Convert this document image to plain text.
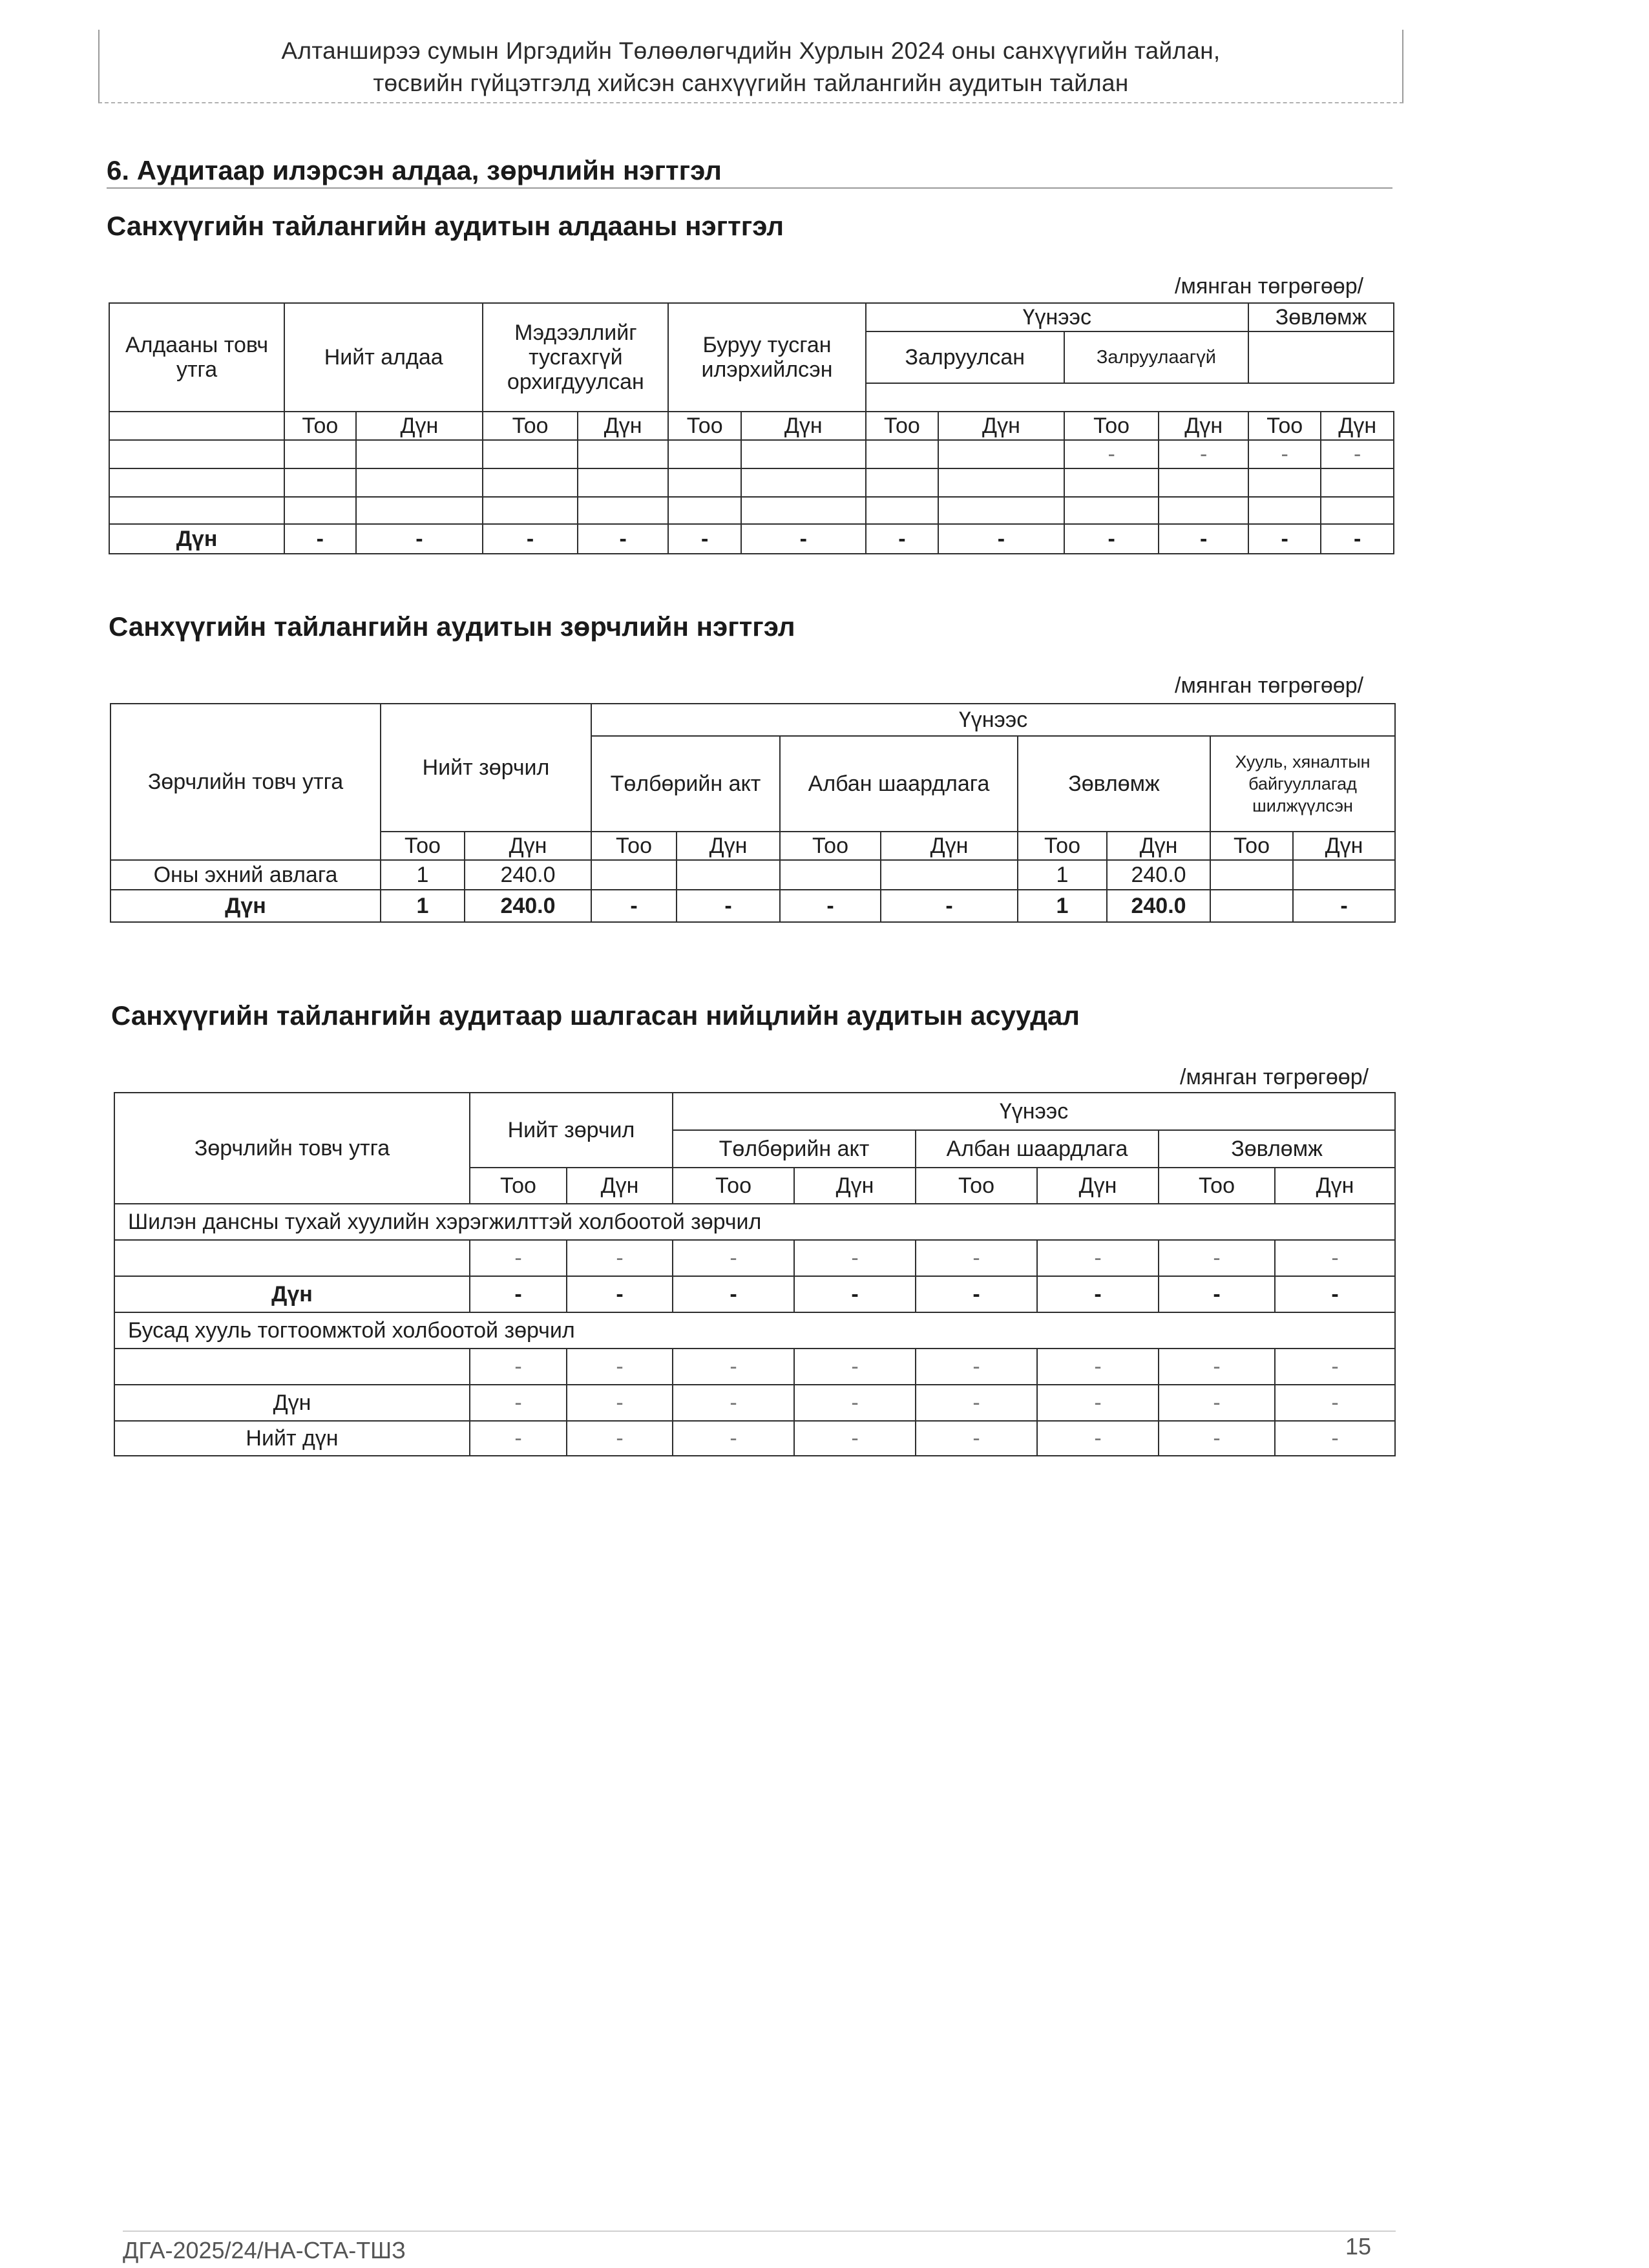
Алтанширээ сумын Иргэдийн Төлөөлөгчдийн Хурлын 2024 оны санхүүгийн тайлан,
төсвийн гүйцэтгэлд хийсэн санхүүгийн тайлангийн аудитын тайлан
6. Аудитаар илэрсэн алдаа, зөрчлийн нэгтгэл
Санхүүгийн тайлангийн аудитын алдааны нэгтгэл
/мянган төгрөгөөр/
Алдааны товч утга	Нийт алдаа		Мэдээллийг тусгахгүй орхигдуулсан		Буруу тусган илэрхийлсэн		Үүнээс				Зөвлөмж	
							Залруулсан		Залруулаагүй			

	Тоо	Дүн	Тоо	Дүн	Тоо	Дүн	Тоо	Дүн	Тоо	Дүн	Тоо	Дүн
									-	-	-	-

Дүн	-	-	-	-	-	-	-	-	-	-	-	-
Санхүүгийн тайлангийн аудитын зөрчлийн нэгтгэл
/мянган төгрөгөөр/
Зөрчлийн товч утга	Нийт зөрчил		Үүнээс							
			Төлбөрийн акт		Албан шаардлага		Зөвлөмж		Хууль, хяналтын байгууллагад шилжүүлсэн	
	Тоо	Дүн	Тоо	Дүн	Тоо	Дүн	Тоо	Дүн	Тоо	Дүн
Оны эхний авлага	1	240.0					1	240.0		
Дүн	1	240.0	-	-	-	-	1	240.0		-
Санхүүгийн тайлангийн аудитаар шалгасан нийцлийн аудитын асуудал
/мянган төгрөгөөр/
Зөрчлийн товч утга	Нийт зөрчил		Үүнээс					
			Төлбөрийн акт		Албан шаардлага		Зөвлөмж	
	Тоо	Дүн	Тоо	Дүн	Тоо	Дүн	Тоо	Дүн
Шилэн дансны тухай хуулийн хэрэгжилттэй холбоотой зөрчил								
	-	-	-	-	-	-	-	-
Дүн	-	-	-	-	-	-	-	-
Бусад хууль тогтоомжтой холбоотой зөрчил								
	-	-	-	-	-	-	-	-
Дүн	-	-	-	-	-	-	-	-
Нийт дүн	-	-	-	-	-	-	-	-
ДГА-2025/24/НА-СТА-ТШЗ	15
